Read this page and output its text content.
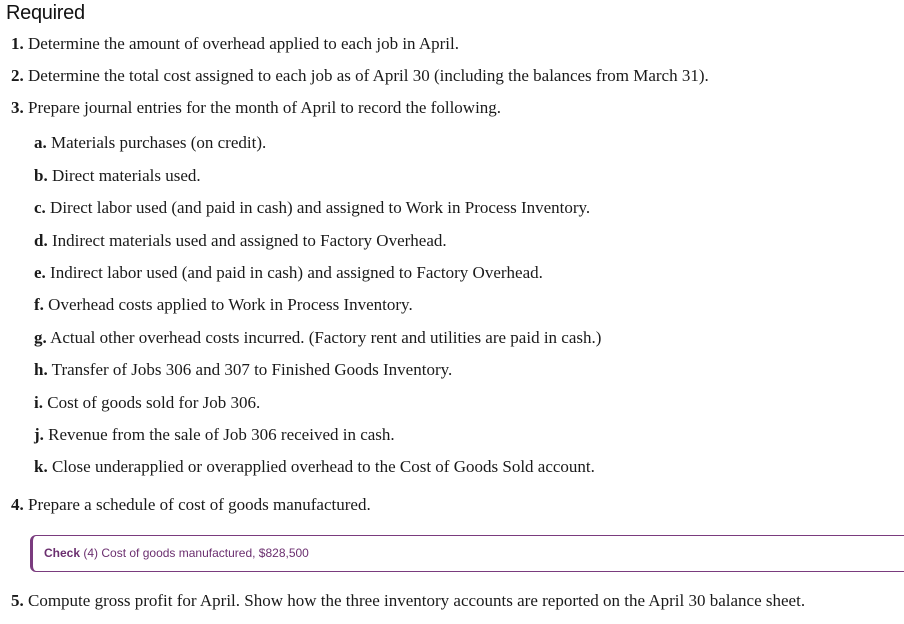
Required
1. Determine the amount of overhead applied to each job in April.
2. Determine the total cost assigned to each job as of April 30 (including the balances from March 31).
3. Prepare journal entries for the month of April to record the following.
a. Materials purchases (on credit).
b. Direct materials used.
c. Direct labor used (and paid in cash) and assigned to Work in Process Inventory.
d. Indirect materials used and assigned to Factory Overhead.
e. Indirect labor used (and paid in cash) and assigned to Factory Overhead.
f. Overhead costs applied to Work in Process Inventory.
g. Actual other overhead costs incurred. (Factory rent and utilities are paid in cash.)
h. Transfer of Jobs 306 and 307 to Finished Goods Inventory.
i. Cost of goods sold for Job 306.
j. Revenue from the sale of Job 306 received in cash.
k. Close underapplied or overapplied overhead to the Cost of Goods Sold account.
4. Prepare a schedule of cost of goods manufactured.
Check (4) Cost of goods manufactured, $828,500
5. Compute gross profit for April. Show how the three inventory accounts are reported on the April 30 balance sheet.
